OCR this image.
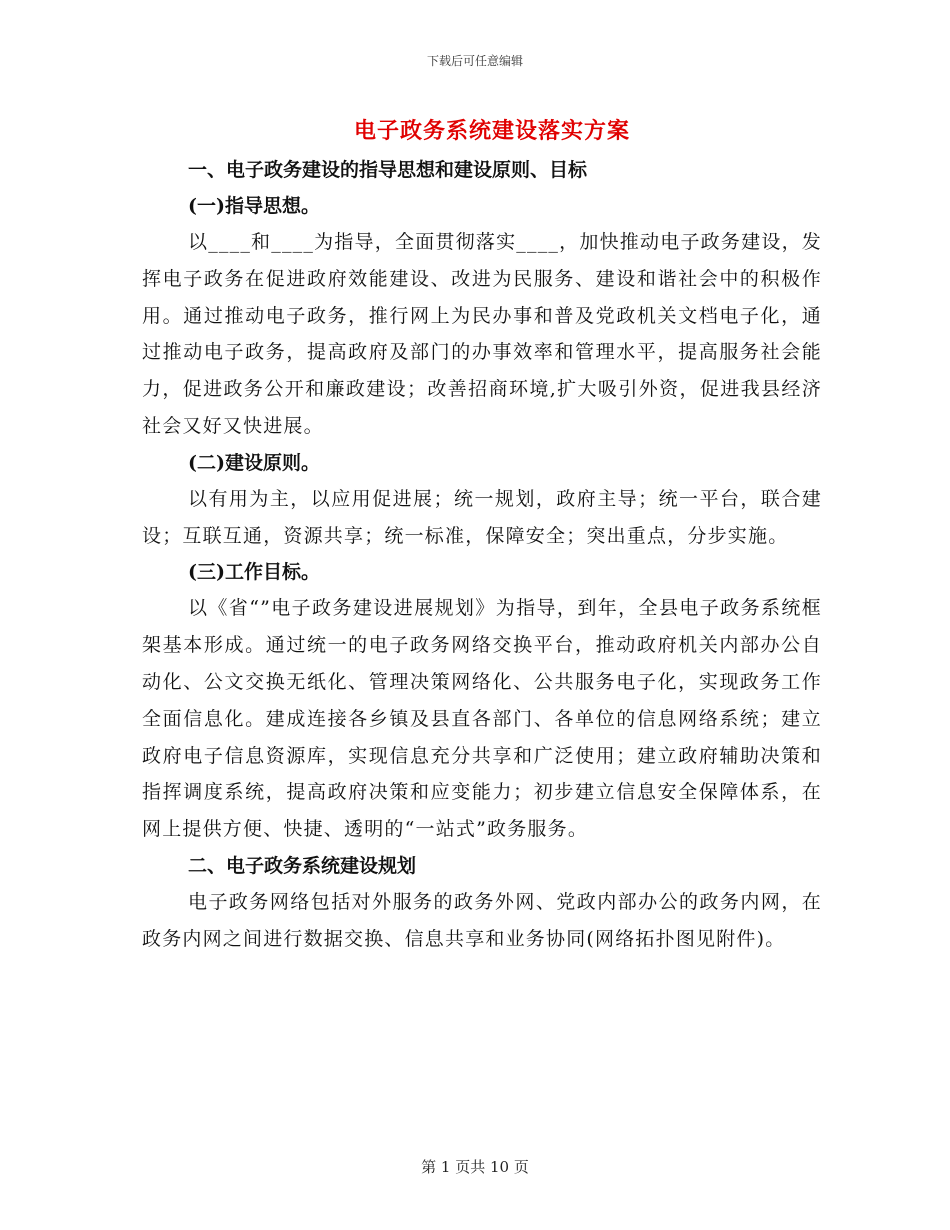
下载后可任意编辑
电子政务系统建设落实方案

一、电子政务建设的指导思想和建设原则、目标

(一)指导思想。

以____和____为指导，全面贯彻落实____，加快推动电子政务建设，发挥电子政务在促进政府效能建设、改进为民服务、建设和谐社会中的积极作用。通过推动电子政务，推行网上为民办事和普及党政机关文档电子化，通过推动电子政务，提高政府及部门的办事效率和管理水平，提高服务社会能力，促进政务公开和廉政建设；改善招商环境,扩大吸引外资，促进我县经济社会又好又快进展。

(二)建设原则。

以有用为主，以应用促进展；统一规划，政府主导；统一平台，联合建设；互联互通，资源共享；统一标准，保障安全；突出重点，分步实施。

(三)工作目标。

以《省“”电子政务建设进展规划》为指导，到年，全县电子政务系统框架基本形成。通过统一的电子政务网络交换平台，推动政府机关内部办公自动化、公文交换无纸化、管理决策网络化、公共服务电子化，实现政务工作全面信息化。建成连接各乡镇及县直各部门、各单位的信息网络系统；建立政府电子信息资源库，实现信息充分共享和广泛使用；建立政府辅助决策和指挥调度系统，提高政府决策和应变能力；初步建立信息安全保障体系，在网上提供方便、快捷、透明的“一站式”政务服务。

二、电子政务系统建设规划

电子政务网络包括对外服务的政务外网、党政内部办公的政务内网，在政务内网之间进行数据交换、信息共享和业务协同(网络拓扑图见附件)。

第 1 页共 10 页
